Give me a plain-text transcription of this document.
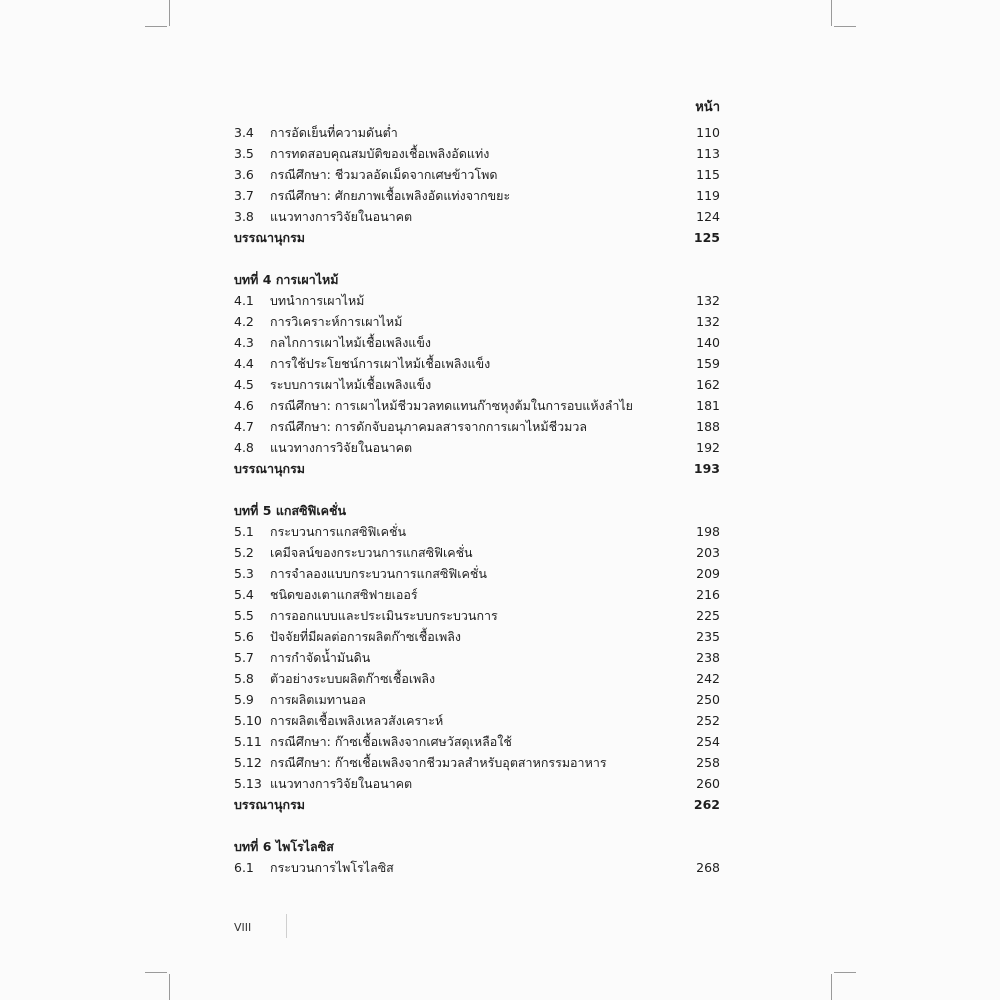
หน้า
3.4 การอัดเย็นที่ความดันต่ำ	110
3.5 การทดสอบคุณสมบัติของเชื้อเพลิงอัดแท่ง	113
3.6 กรณีศึกษา: ชีวมวลอัดเม็ดจากเศษข้าวโพด	115
3.7 กรณีศึกษา: ศักยภาพเชื้อเพลิงอัดแท่งจากขยะ	119
3.8 แนวทางการวิจัยในอนาคต	124
บรรณานุกรม	125
บทที่ 4 การเผาไหม้
4.1 บทนำการเผาไหม้	132
4.2 การวิเคราะห์การเผาไหม้	132
4.3 กลไกการเผาไหม้เชื้อเพลิงแข็ง	140
4.4 การใช้ประโยชน์การเผาไหม้เชื้อเพลิงแข็ง	159
4.5 ระบบการเผาไหม้เชื้อเพลิงแข็ง	162
4.6 กรณีศึกษา: การเผาไหม้ชีวมวลทดแทนก๊าซหุงต้มในการอบแห้งลำไย	181
4.7 กรณีศึกษา: การดักจับอนุภาคมลสารจากการเผาไหม้ชีวมวล	188
4.8 แนวทางการวิจัยในอนาคต	192
บรรณานุกรม	193
บทที่ 5 แกสซิฟิเคชั่น
5.1 กระบวนการแกสซิฟิเคชั่น	198
5.2 เคมีจลน์ของกระบวนการแกสซิฟิเคชั่น	203
5.3 การจำลองแบบกระบวนการแกสซิฟิเคชั่น	209
5.4 ชนิดของเตาแกสซิฟายเออร์	216
5.5 การออกแบบและประเมินระบบกระบวนการ	225
5.6 ปัจจัยที่มีผลต่อการผลิตก๊าซเชื้อเพลิง	235
5.7 การกำจัดน้ำมันดิน	238
5.8 ตัวอย่างระบบผลิตก๊าซเชื้อเพลิง	242
5.9 การผลิตเมทานอล	250
5.10 การผลิตเชื้อเพลิงเหลวสังเคราะห์	252
5.11 กรณีศึกษา: ก๊าซเชื้อเพลิงจากเศษวัสดุเหลือใช้	254
5.12 กรณีศึกษา: ก๊าซเชื้อเพลิงจากชีวมวลสำหรับอุตสาหกรรมอาหาร	258
5.13 แนวทางการวิจัยในอนาคต	260
บรรณานุกรม	262
บทที่ 6 ไพโรไลซิส
6.1 กระบวนการไพโรไลซิส	268
VIII
